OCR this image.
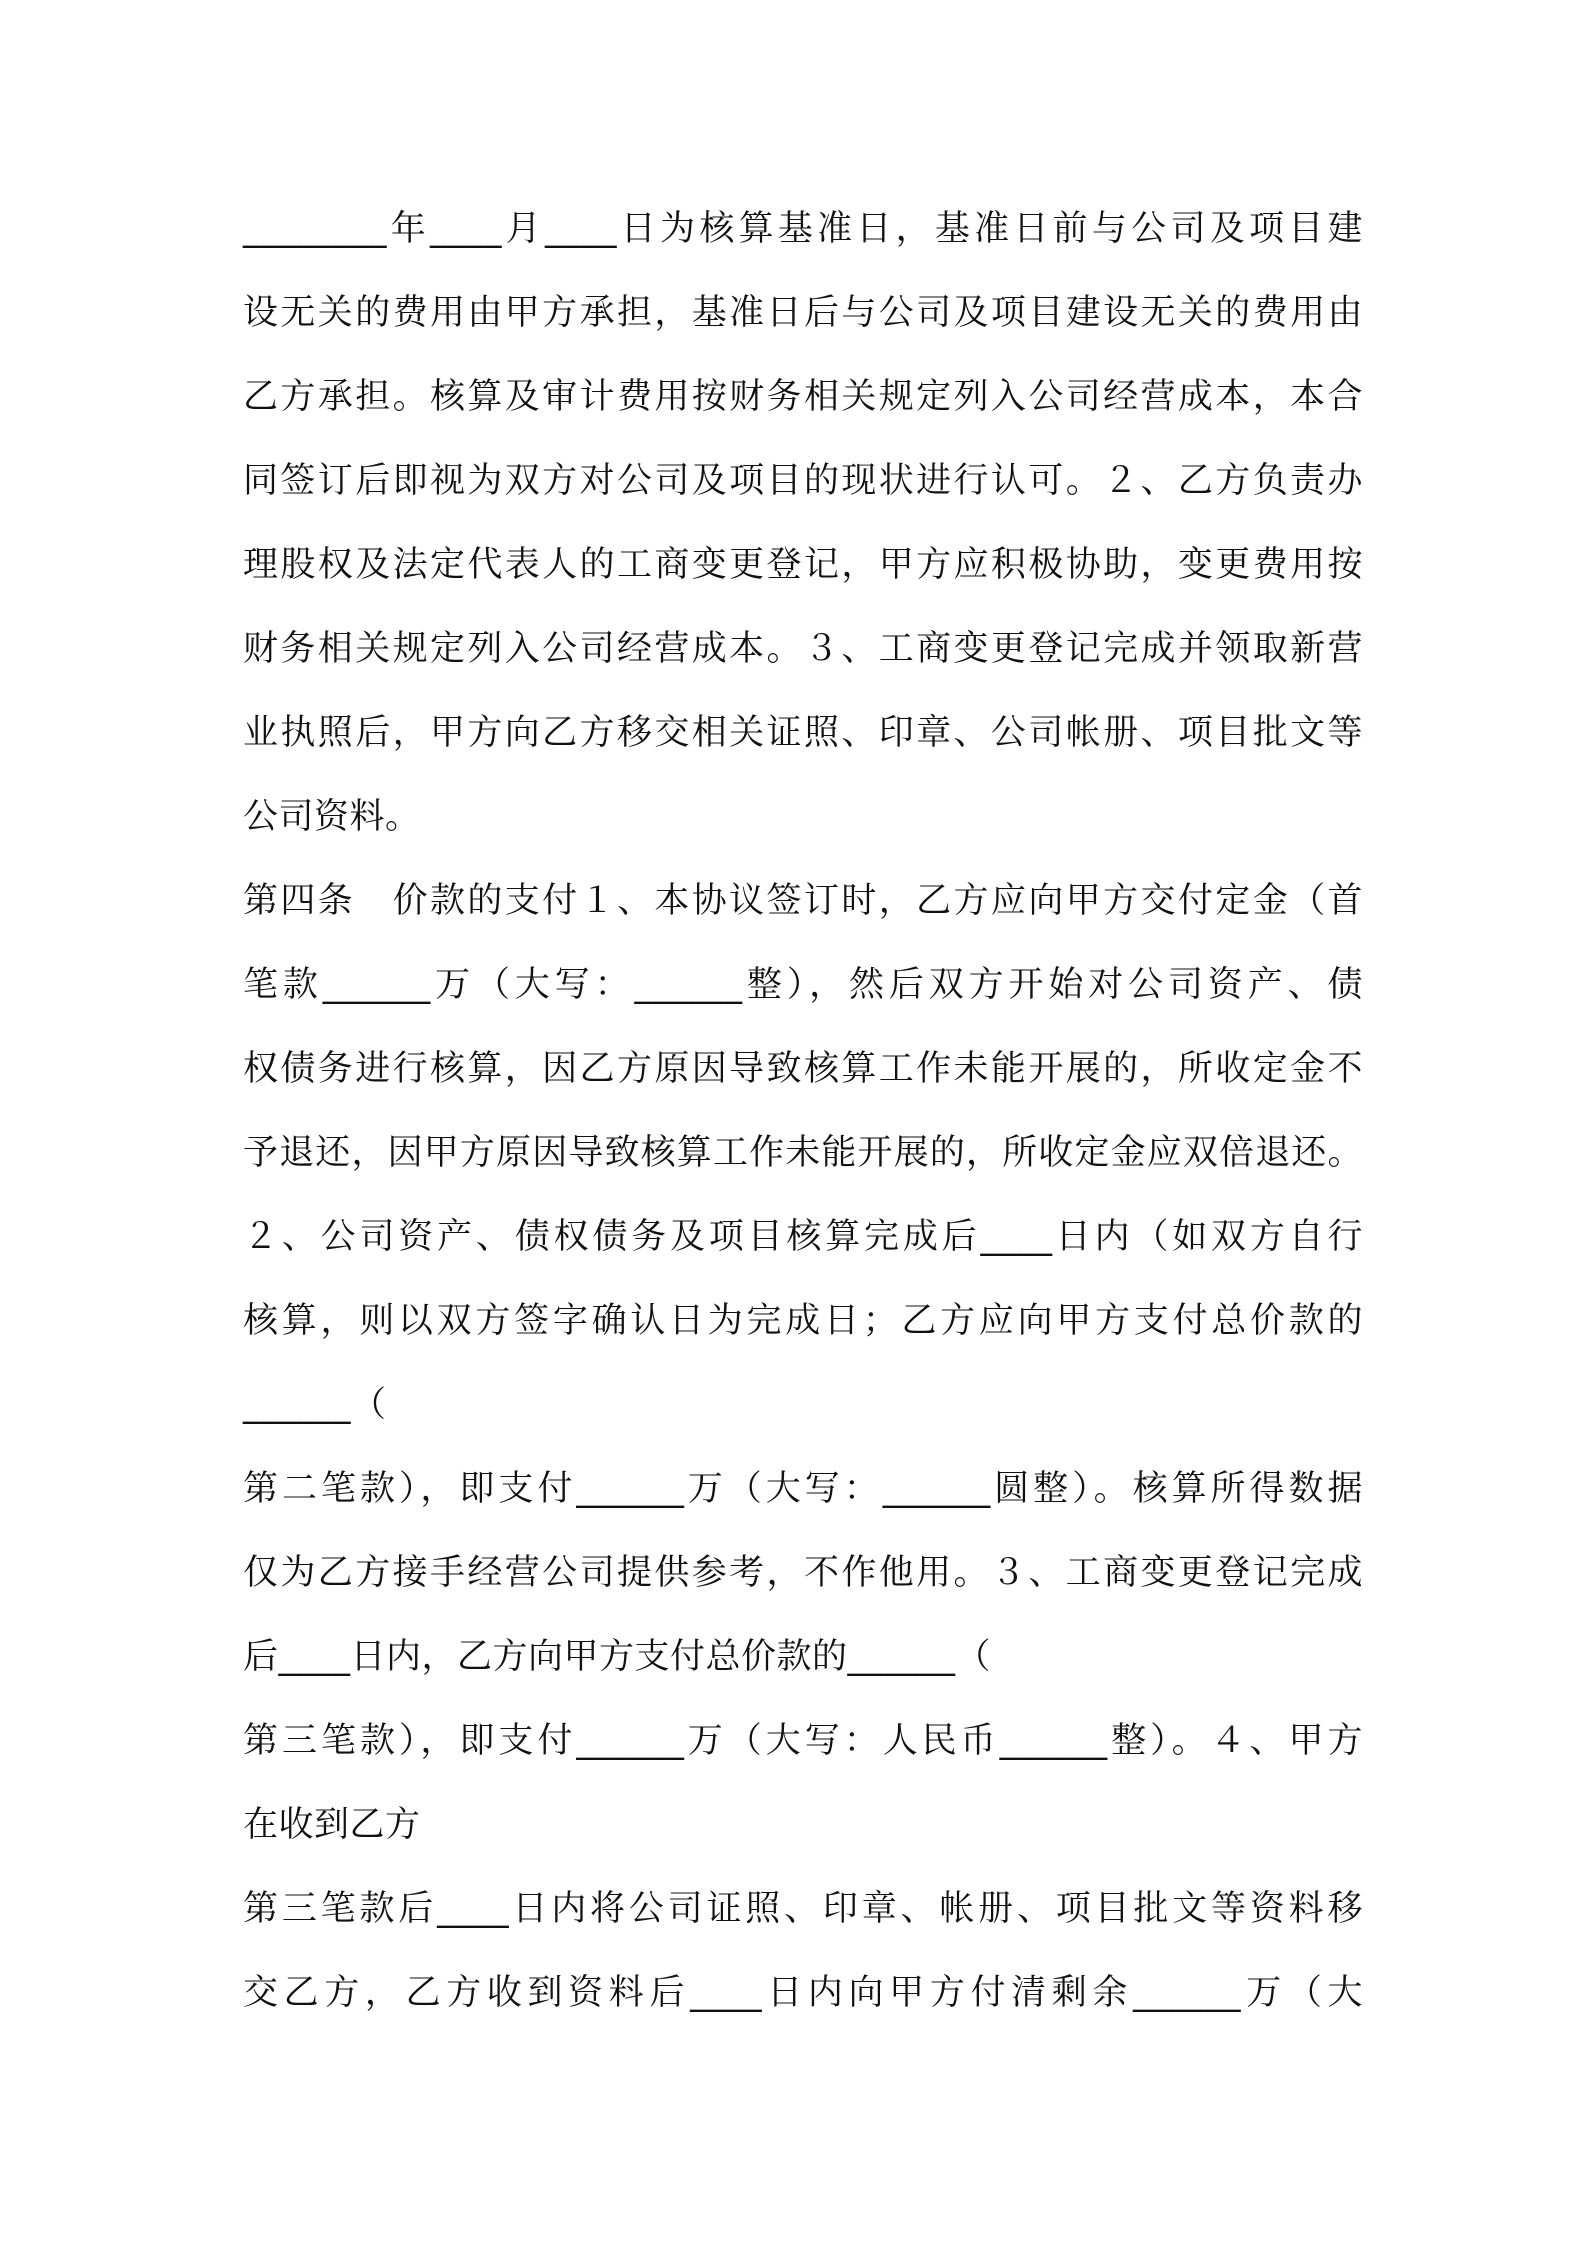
________年____月____日为核算基准日，基准日前与公司及项目建
设无关的费用由甲方承担，基准日后与公司及项目建设无关的费用由
乙方承担。核算及审计费用按财务相关规定列入公司经营成本，本合
同签订后即视为双方对公司及项目的现状进行认可。２、乙方负责办
理股权及法定代表人的工商变更登记，甲方应积极协助，变更费用按
财务相关规定列入公司经营成本。３、工商变更登记完成并领取新营
业执照后，甲方向乙方移交相关证照、印章、公司帐册、项目批文等
公司资料。
第四条　价款的支付１、本协议签订时，乙方应向甲方交付定金（首
笔款______万（大写：______整），然后双方开始对公司资产、债
权债务进行核算，因乙方原因导致核算工作未能开展的，所收定金不
予退还，因甲方原因导致核算工作未能开展的，所收定金应双倍退还。
２、公司资产、债权债务及项目核算完成后____日内（如双方自行
核算，则以双方签字确认日为完成日；乙方应向甲方支付总价款的
______（
第二笔款），即支付______万（大写：______圆整）。核算所得数据
仅为乙方接手经营公司提供参考，不作他用。３、工商变更登记完成
后____日内，乙方向甲方支付总价款的______（
第三笔款），即支付______万（大写：人民币______整）。４、甲方
在收到乙方
第三笔款后____日内将公司证照、印章、帐册、项目批文等资料移
交乙方，乙方收到资料后____日内向甲方付清剩余______万（大
